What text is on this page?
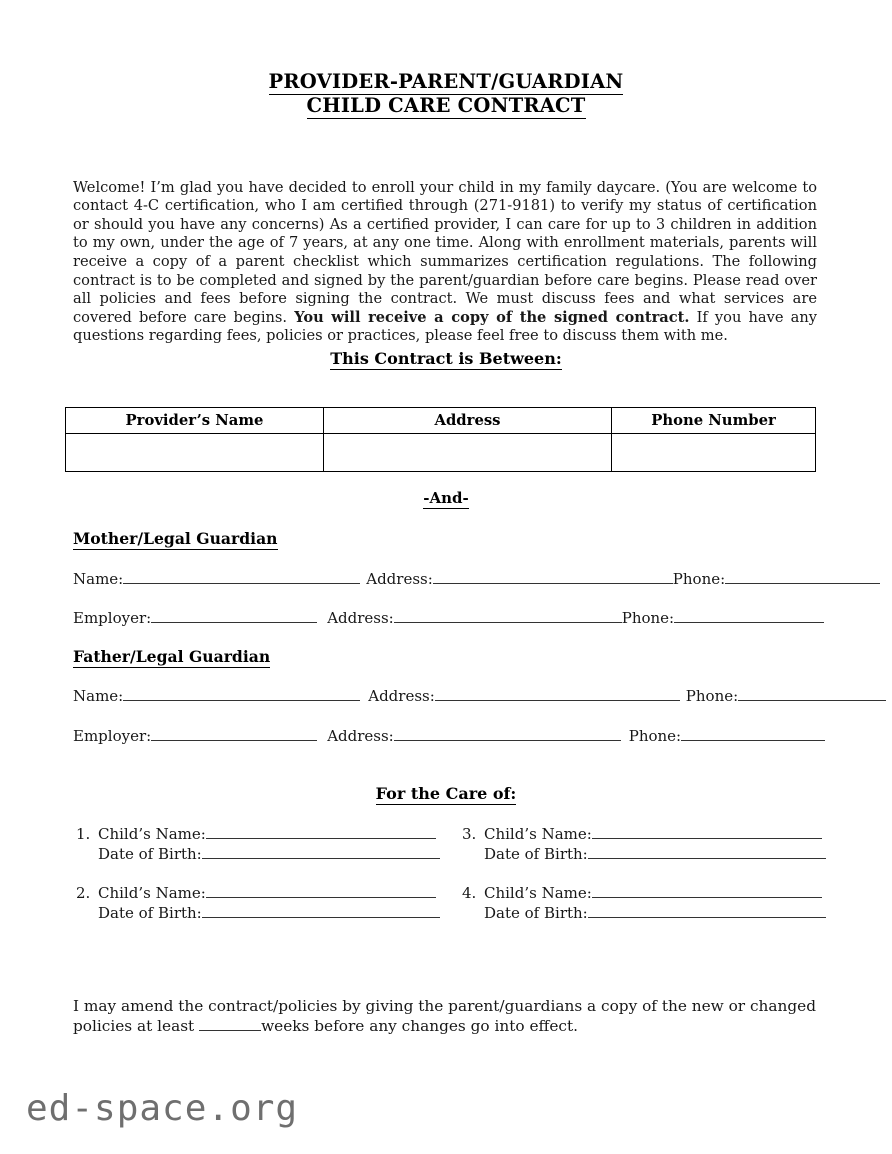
PROVIDER-PARENT/GUARDIAN
CHILD CARE CONTRACT

Welcome! I’m glad you have decided to enroll your child in my family daycare. (You are welcome to contact 4-C certification, who I am certified through (271-9181) to verify my status of certification or should you have any concerns) As a certified provider, I can care for up to 3 children in addition to my own, under the age of 7 years, at any one time. Along with enrollment materials, parents will receive a copy of a parent checklist which summarizes certification regulations. The following contract is to be completed and signed by the parent/guardian before care begins. Please read over all policies and fees before signing the contract. We must discuss fees and what services are covered before care begins. You will receive a copy of the signed contract. If you have any questions regarding fees, policies or practices, please feel free to discuss them with me.

This Contract is Between:
Provider’s Name	Address	Phone Number

-And-
Mother/Legal Guardian
Name:	Address:	Phone:
Employer:	Address:	Phone:
Father/Legal Guardian
Name:	Address:	Phone:
Employer:	Address:	Phone:
For the Care of:
1. Child’s Name:
Date of Birth:
2. Child’s Name:
Date of Birth:
3. Child’s Name:
Date of Birth:
4. Child’s Name:
Date of Birth:

I may amend the contract/policies by giving the parent/guardians a copy of the new or changed policies at least	weeks before any changes go into effect.

ed-space.org
